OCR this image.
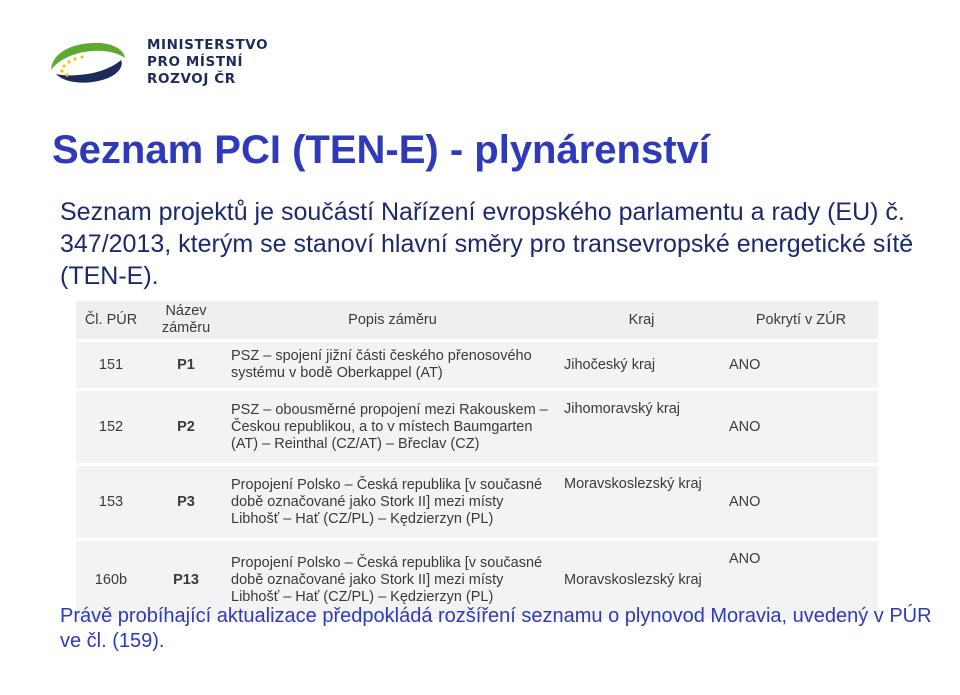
MINISTERSTVO
PRO MÍSTNÍ
ROZVOJ ČR
Seznam PCI (TEN-E) - plynárenství
Seznam projektů je součástí Nařízení evropského parlamentu a rady (EU) č. 347/2013, kterým se stanoví hlavní směry pro transevropské energetické sítě (TEN-E).
Čl. PÚR	Název záměru	Popis záměru	Kraj	Pokrytí v ZÚR
151	P1	PSZ – spojení jižní části českého přenosového systému v bodě Oberkappel (AT)	Jihočeský kraj	ANO
152	P2	PSZ – obousměrné propojení mezi Rakouskem – Českou republikou, a to v místech Baumgarten (AT) – Reinthal (CZ/AT) – Břeclav (CZ)	Jihomoravský kraj	ANO
153	P3	Propojení Polsko – Česká republika [v současné době označované jako Stork II] mezi místy Libhošť – Hať (CZ/PL) – Kędzierzyn (PL)	Moravskoslezský kraj	ANO
160b	P13	Propojení Polsko – Česká republika [v současné době označované jako Stork II] mezi místy Libhošť – Hať (CZ/PL) – Kędzierzyn (PL)	Moravskoslezský kraj	ANO
Právě probíhající aktualizace předpokládá rozšíření seznamu o plynovod Moravia, uvedený v PÚR ve čl. (159).
